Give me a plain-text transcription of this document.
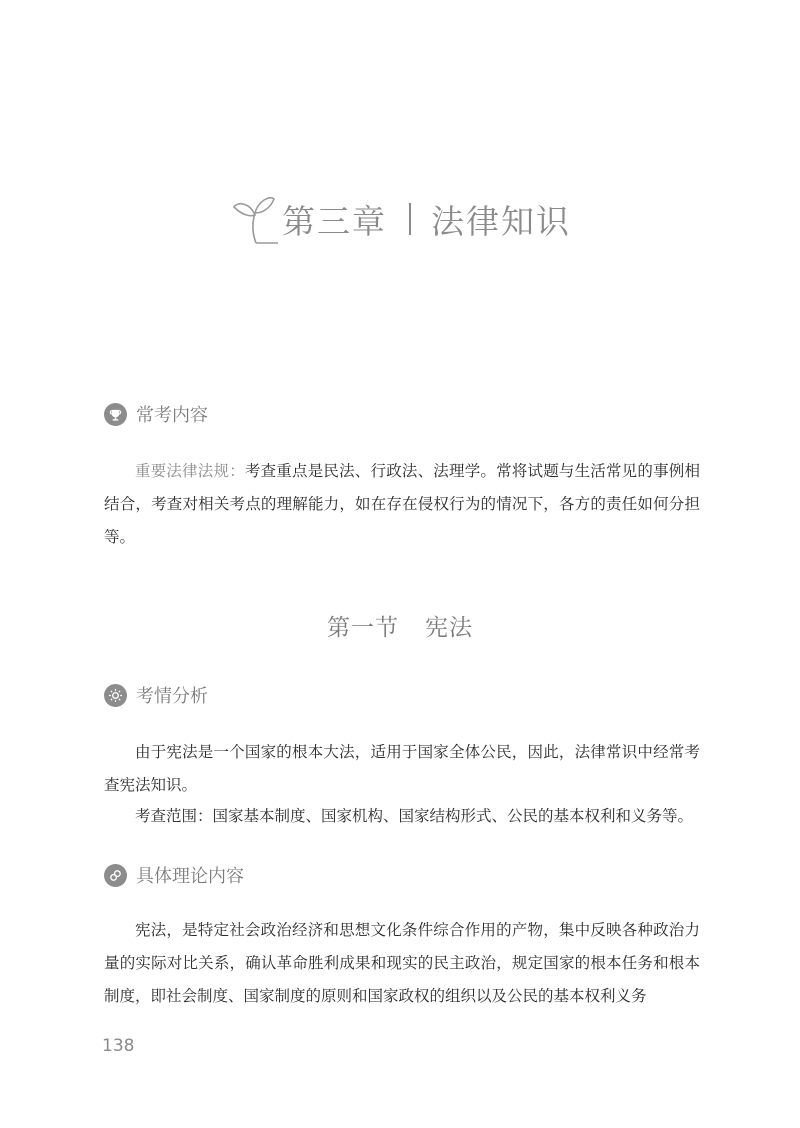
第三章 法律知识
常考内容
重要法律法规：考查重点是民法、行政法、法理学。常将试题与生活常见的事例相结合，考查对相关考点的理解能力，如在存在侵权行为的情况下，各方的责任如何分担等。
第一节 宪法
考情分析
由于宪法是一个国家的根本大法，适用于国家全体公民，因此，法律常识中经常考查宪法知识。
考查范围：国家基本制度、国家机构、国家结构形式、公民的基本权利和义务等。
具体理论内容
宪法，是特定社会政治经济和思想文化条件综合作用的产物，集中反映各种政治力量的实际对比关系，确认革命胜利成果和现实的民主政治，规定国家的根本任务和根本制度，即社会制度、国家制度的原则和国家政权的组织以及公民的基本权利义务
138
